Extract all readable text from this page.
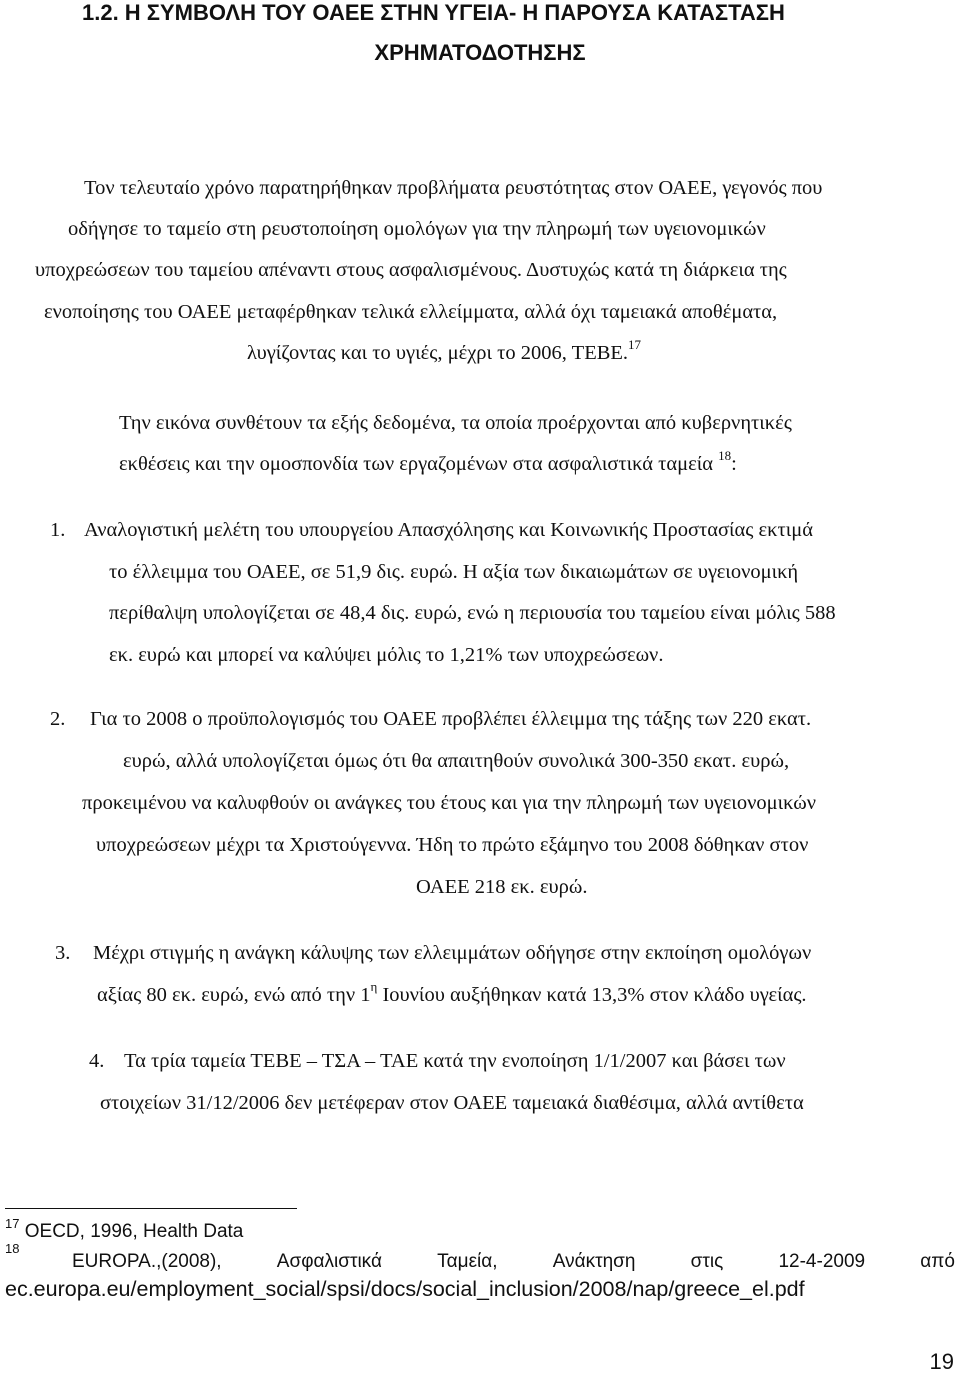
1.2. Η ΣΥΜΒΟΛΗ ΤΟΥ ΟΑΕΕ ΣΤΗΝ ΥΓΕΙΑ- Η ΠΑΡΟΥΣΑ ΚΑΤΑΣΤΑΣΗ
ΧΡΗΜΑΤΟΔΟΤΗΣΗΣ
Τον τελευταίο χρόνο παρατηρήθηκαν προβλήματα ρευστότητας στον ΟΑΕΕ, γεγονός που
οδήγησε το ταμείο στη ρευστοποίηση ομολόγων για την πληρωμή των υγειονομικών
υποχρεώσεων του ταμείου απέναντι στους ασφαλισμένους. Δυστυχώς κατά τη διάρκεια της
ενοποίησης του ΟΑΕΕ μεταφέρθηκαν τελικά ελλείμματα, αλλά όχι ταμειακά αποθέματα,
λυγίζοντας και το υγιές, μέχρι το 2006, ΤΕΒΕ.$^{17}$
Την εικόνα συνθέτουν τα εξής δεδομένα, τα οποία προέρχονται από κυβερνητικές
εκθέσεις και την ομοσπονδία των εργαζομένων στα ασφαλιστικά ταμεία $^{18}$:
1. Αναλογιστική μελέτη του υπουργείου Απασχόλησης και Κοινωνικής Προστασίας εκτιμά
το έλλειμμα του ΟΑΕΕ, σε 51,9 δις. ευρώ. Η αξία των δικαιωμάτων σε υγειονομική
περίθαλψη υπολογίζεται σε 48,4 δις. ευρώ, ενώ η περιουσία του ταμείου είναι μόλις 588
εκ. ευρώ και μπορεί να καλύψει μόλις το 1,21% των υποχρεώσεων.
2. Για το 2008 ο προϋπολογισμός του ΟΑΕΕ προβλέπει έλλειμμα της τάξης των 220 εκατ.
ευρώ, αλλά υπολογίζεται όμως ότι θα απαιτηθούν συνολικά 300-350 εκατ. ευρώ,
προκειμένου να καλυφθούν οι ανάγκες του έτους και για την πληρωμή των υγειονομικών
υποχρεώσεων μέχρι τα Χριστούγεννα. Ήδη το πρώτο εξάμηνο του 2008 δόθηκαν στον
ΟΑΕΕ 218 εκ. ευρώ.
3. Μέχρι στιγμής η ανάγκη κάλυψης των ελλειμμάτων οδήγησε στην εκποίηση ομολόγων
αξίας 80 εκ. ευρώ, ενώ από την $1^\eta$ Ιουνίου αυξήθηκαν κατά 13,3% στον κλάδο υγείας.
4. Τα τρία ταμεία ΤΕΒΕ – ΤΣΑ – ΤΑΕ κατά την ενοποίηση 1/1/2007 και βάσει των
στοιχείων 31/12/2006 δεν μετέφεραν στον ΟΑΕΕ ταμειακά διαθέσιμα, αλλά αντίθετα
$^{17}$ OECD, 1996, Health Data
$^{18}$
EUROPA.,(2008),	Ασφαλιστικά	Ταμεία,	Ανάκτηση	στις	12-4-2009	από
ec.europa.eu/employment_social/spsi/docs/social_inclusion/2008/nap/greece_el.pdf
19
